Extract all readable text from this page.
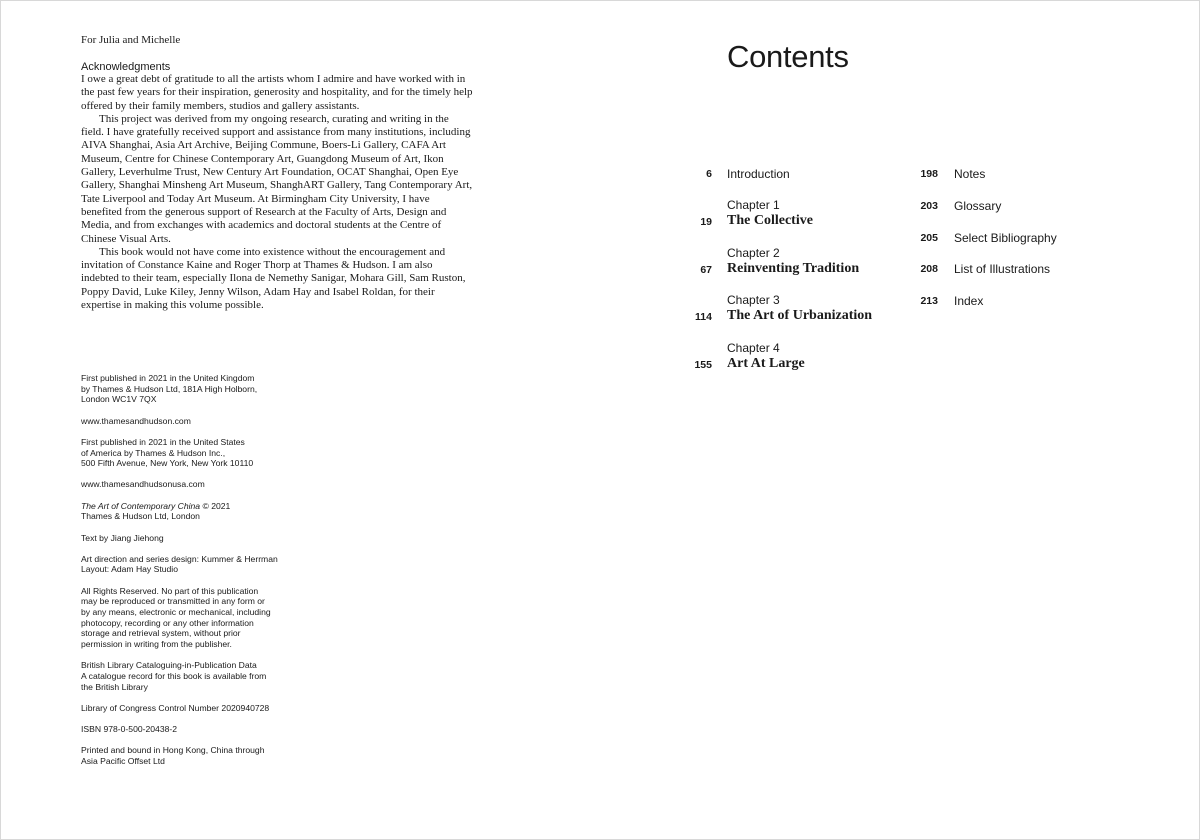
For Julia and Michelle
Acknowledgments

I owe a great debt of gratitude to all the artists whom I admire and have worked with in the past few years for their inspiration, generosity and hospitality, and for the timely help offered by their family members, studios and gallery assistants.

This project was derived from my ongoing research, curating and writing in the field. I have gratefully received support and assistance from many institutions, including AIVA Shanghai, Asia Art Archive, Beijing Commune, Boers-Li Gallery, CAFA Art Museum, Centre for Chinese Contemporary Art, Guangdong Museum of Art, Ikon Gallery, Leverhulme Trust, New Century Art Foundation, OCAT Shanghai, Open Eye Gallery, Shanghai Minsheng Art Museum, ShanghART Gallery, Tang Contemporary Art, Tate Liverpool and Today Art Museum. At Birmingham City University, I have benefited from the generous support of Research at the Faculty of Arts, Design and Media, and from exchanges with academics and doctoral students at the Centre of Chinese Visual Arts.

This book would not have come into existence without the encouragement and invitation of Constance Kaine and Roger Thorp at Thames & Hudson. I am also indebted to their team, especially Ilona de Nemethy Sanigar, Mohara Gill, Sam Ruston, Poppy David, Luke Kiley, Jenny Wilson, Adam Hay and Isabel Roldan, for their expertise in making this volume possible.

First published in 2021 in the United Kingdom
by Thames & Hudson Ltd, 181A High Holborn,
London WC1V 7QX
www.thamesandhudson.com
First published in 2021 in the United States
of America by Thames & Hudson Inc.,
500 Fifth Avenue, New York, New York 10110
www.thamesandhudsonusa.com
The Art of Contemporary China © 2021
Thames & Hudson Ltd, London
Text by Jiang Jiehong
Art direction and series design: Kummer & Herrman
Layout: Adam Hay Studio
All Rights Reserved. No part of this publication
may be reproduced or transmitted in any form or
by any means, electronic or mechanical, including
photocopy, recording or any other information
storage and retrieval system, without prior
permission in writing from the publisher.
British Library Cataloguing-in-Publication Data
A catalogue record for this book is available from
the British Library
Library of Congress Control Number 2020940728
ISBN 978-0-500-20438-2
Printed and bound in Hong Kong, China through
Asia Pacific Offset Ltd
Contents
6 Introduction
Chapter 1
19 The Collective
Chapter 2
67 Reinventing Tradition
Chapter 3
114 The Art of Urbanization
Chapter 4
155 Art At Large
198 Notes
203 Glossary
205 Select Bibliography
208 List of Illustrations
213 Index
